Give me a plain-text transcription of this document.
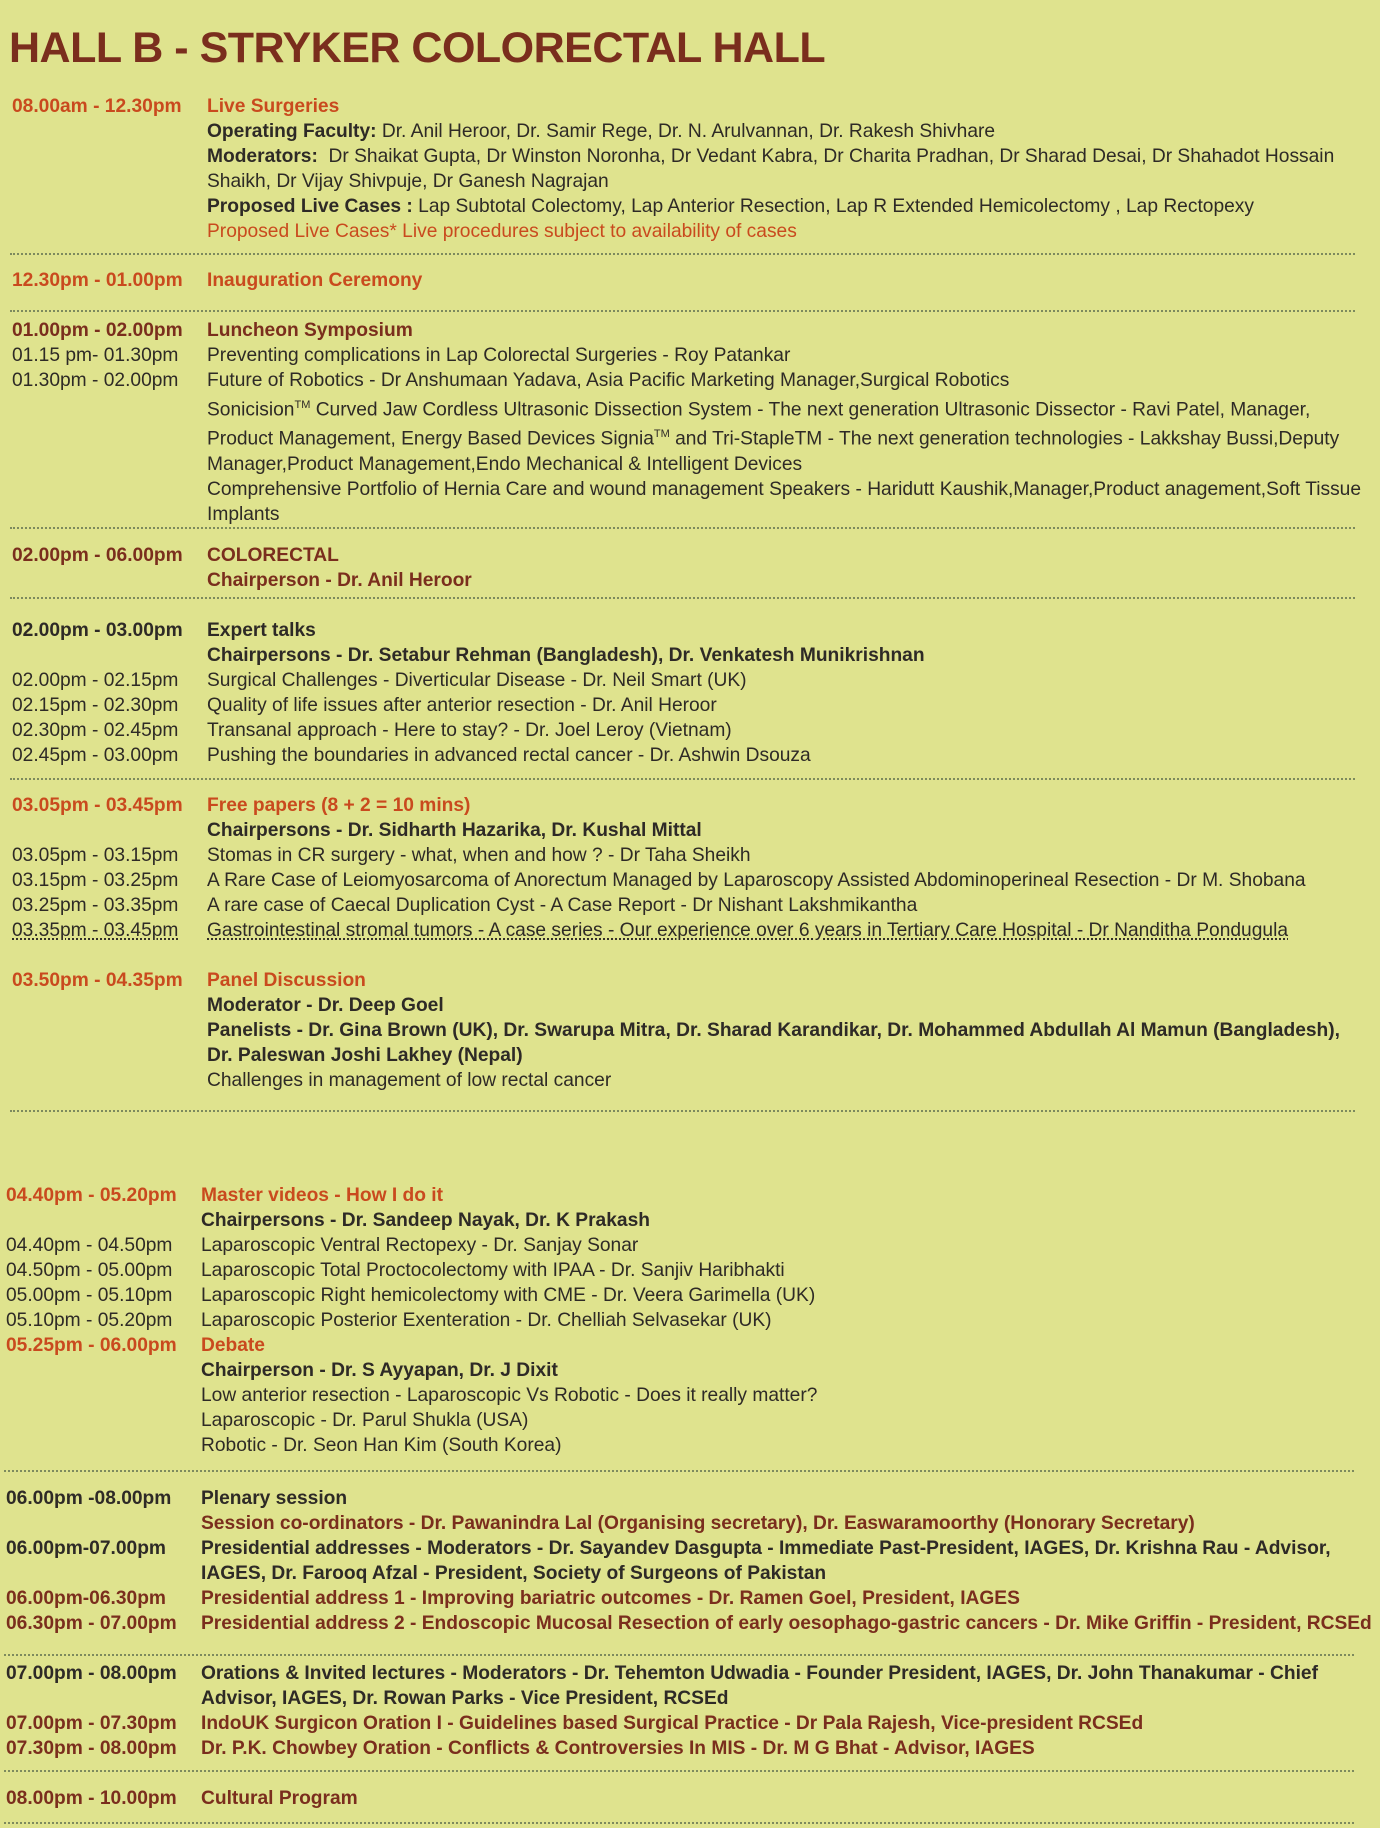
HALL B - STRYKER COLORECTAL HALL
08.00am - 12.30pm	Live Surgeries
Operating Faculty: Dr. Anil Heroor, Dr. Samir Rege, Dr. N. Arulvannan, Dr. Rakesh Shivhare
Moderators: Dr Shaikat Gupta, Dr Winston Noronha, Dr Vedant Kabra, Dr Charita Pradhan, Dr Sharad Desai, Dr Shahadot Hossain Shaikh, Dr Vijay Shivpuje, Dr Ganesh Nagrajan
Proposed Live Cases : Lap Subtotal Colectomy, Lap Anterior Resection, Lap R Extended Hemicolectomy , Lap Rectopexy
Proposed Live Cases* Live procedures subject to availability of cases
12.30pm - 01.00pm	Inauguration Ceremony
01.00pm - 02.00pm	Luncheon Symposium
01.15 pm- 01.30pm	Preventing complications in Lap Colorectal Surgeries - Roy Patankar
01.30pm - 02.00pm	Future of Robotics - Dr Anshumaan Yadava, Asia Pacific Marketing Manager,Surgical Robotics
Sonicision™ Curved Jaw Cordless Ultrasonic Dissection System - The next generation Ultrasonic Dissector - Ravi Patel, Manager, Product Management, Energy Based Devices Signia™ and Tri-StapleTM - The next generation technologies - Lakkshay Bussi,Deputy Manager,Product Management,Endo Mechanical & Intelligent Devices
Comprehensive Portfolio of Hernia Care and wound management Speakers - Haridutt Kaushik,Manager,Product anagement,Soft Tissue Implants
02.00pm - 06.00pm	COLORECTAL
Chairperson - Dr. Anil Heroor
02.00pm - 03.00pm	Expert talks
Chairpersons - Dr. Setabur Rehman (Bangladesh), Dr. Venkatesh Munikrishnan
02.00pm - 02.15pm	Surgical Challenges - Diverticular Disease - Dr. Neil Smart (UK)
02.15pm - 02.30pm	Quality of life issues after anterior resection - Dr. Anil Heroor
02.30pm - 02.45pm	Transanal approach - Here to stay? - Dr. Joel Leroy (Vietnam)
02.45pm - 03.00pm	Pushing the boundaries in advanced rectal cancer - Dr. Ashwin Dsouza
03.05pm - 03.45pm	Free papers (8 + 2 = 10 mins)
Chairpersons - Dr. Sidharth Hazarika, Dr. Kushal Mittal
03.05pm - 03.15pm	Stomas in CR surgery - what, when and how ? - Dr Taha Sheikh
03.15pm - 03.25pm	A Rare Case of Leiomyosarcoma of Anorectum Managed by Laparoscopy Assisted Abdominoperineal Resection - Dr M. Shobana
03.25pm - 03.35pm	A rare case of Caecal Duplication Cyst - A Case Report - Dr Nishant Lakshmikantha
03.35pm - 03.45pm	Gastrointestinal stromal tumors - A case series - Our experience over 6 years in Tertiary Care Hospital - Dr Nanditha Pondugula
03.50pm - 04.35pm	Panel Discussion
Moderator - Dr. Deep Goel
Panelists - Dr. Gina Brown (UK), Dr. Swarupa Mitra, Dr. Sharad Karandikar, Dr. Mohammed Abdullah Al Mamun (Bangladesh), Dr. Paleswan Joshi Lakhey (Nepal)
Challenges in management of low rectal cancer
04.40pm - 05.20pm	Master videos - How I do it
Chairpersons - Dr. Sandeep Nayak, Dr. K Prakash
04.40pm - 04.50pm	Laparoscopic Ventral Rectopexy - Dr. Sanjay Sonar
04.50pm - 05.00pm	Laparoscopic Total Proctocolectomy with IPAA - Dr. Sanjiv Haribhakti
05.00pm - 05.10pm	Laparoscopic Right hemicolectomy with CME - Dr. Veera Garimella (UK)
05.10pm - 05.20pm	Laparoscopic Posterior Exenteration - Dr. Chelliah Selvasekar (UK)
05.25pm - 06.00pm	Debate
Chairperson - Dr. S Ayyapan, Dr. J Dixit
Low anterior resection - Laparoscopic Vs Robotic - Does it really matter?
Laparoscopic - Dr. Parul Shukla (USA)
Robotic - Dr. Seon Han Kim (South Korea)
06.00pm -08.00pm	Plenary session
Session co-ordinators - Dr. Pawanindra Lal (Organising secretary), Dr. Easwaramoorthy (Honorary Secretary)
06.00pm-07.00pm	Presidential addresses - Moderators - Dr. Sayandev Dasgupta - Immediate Past-President, IAGES, Dr. Krishna Rau - Advisor, IAGES, Dr. Farooq Afzal - President, Society of Surgeons of Pakistan
06.00pm-06.30pm	Presidential address 1 - Improving bariatric outcomes - Dr. Ramen Goel, President, IAGES
06.30pm - 07.00pm	Presidential address 2 - Endoscopic Mucosal Resection of early oesophago-gastric cancers - Dr. Mike Griffin - President, RCSEd
07.00pm - 08.00pm	Orations & Invited lectures - Moderators - Dr. Tehemton Udwadia - Founder President, IAGES, Dr. John Thanakumar - Chief Advisor, IAGES, Dr. Rowan Parks - Vice President, RCSEd
07.00pm - 07.30pm	IndoUK Surgicon Oration I - Guidelines based Surgical Practice - Dr Pala Rajesh, Vice-president RCSEd
07.30pm - 08.00pm	Dr. P.K. Chowbey Oration - Conflicts & Controversies In MIS - Dr. M G Bhat - Advisor, IAGES
08.00pm - 10.00pm	Cultural Program
